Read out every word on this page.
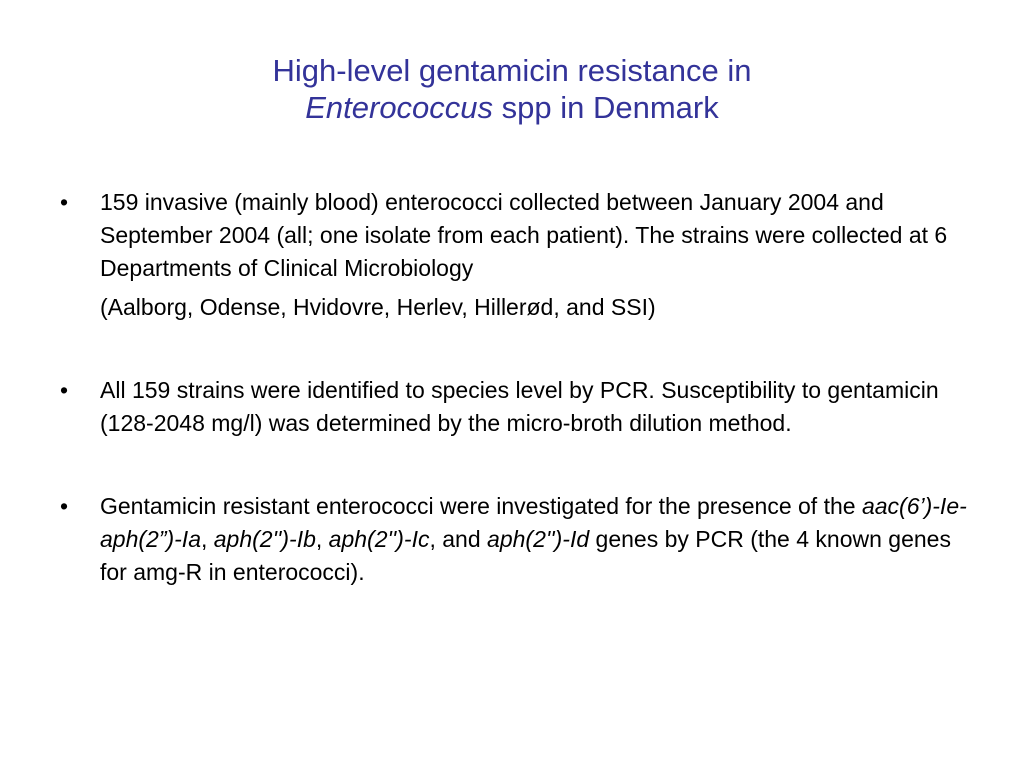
High-level gentamicin resistance in
Enterococcus spp in Denmark
• 159 invasive (mainly blood) enterococci collected between January 2004 and September 2004 (all; one isolate from each patient). The strains were collected at 6 Departments of Clinical Microbiology
(Aalborg, Odense, Hvidovre, Herlev, Hillerød, and SSI)
• All 159 strains were identified to species level by PCR. Susceptibility to gentamicin (128-2048 mg/l) was determined by the micro-broth dilution method.
• Gentamicin resistant enterococci were investigated for the presence of the aac(6’)-Ie-aph(2”)-Ia, aph(2'')-Ib, aph(2'')-Ic, and aph(2'')-Id genes by PCR (the 4 known genes for amg-R in enterococci).
